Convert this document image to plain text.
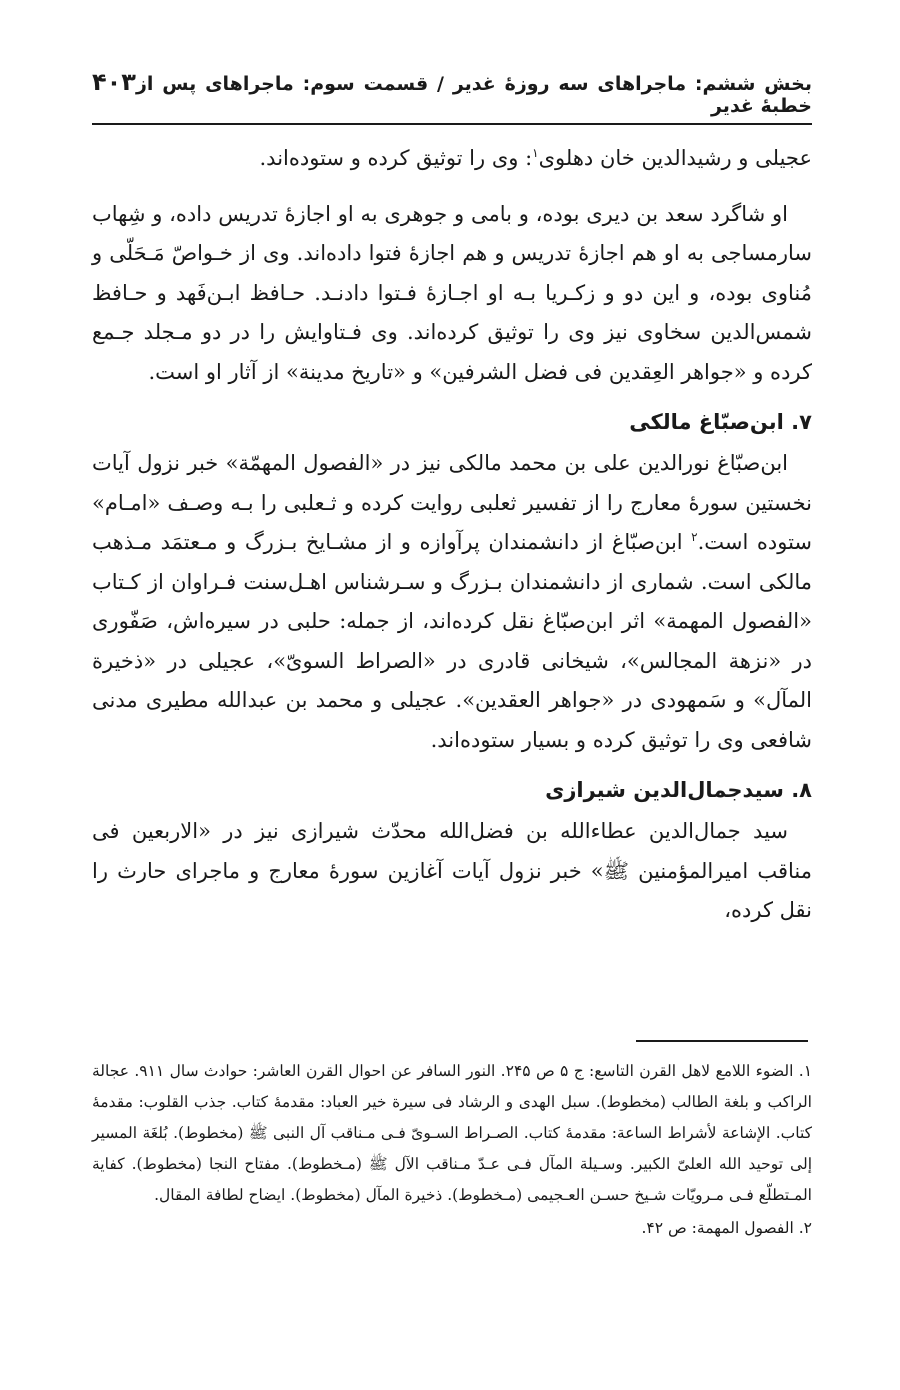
بخش ششم: ماجراهای سه روزهٔ غدیر / قسمت سوم: ماجراهای پس از خطبهٔ غدیر
۴۰۳

عجیلی و رشیدالدین خان دهلوی$^۱$: وی را توثیق کرده و ستوده‌اند.

او شاگرد سعد بن دیری بوده، و بامی و جوهری به او اجازهٔ تدریس داده، و شِهاب سارمساجی به او هم اجازهٔ تدریس و هم اجازهٔ فتوا داده‌اند. وی از خـواصّ مَـحَلّی و مُناوی بوده، و این دو و زکـریا بـه او اجـازهٔ فـتوا دادنـد. حـافظ ابـن‌فَهد و حـافظ شمس‌الدین سخاوی نیز وی را توثیق کرده‌اند. وی فـتاوایش را در دو مـجلد جـمع کرده و «جواهر العِقدین فی فضل الشرفین» و «تاریخ مدینة» از آثار او است.

۷. ابن‌صبّاغ مالکی

ابن‌صبّاغ نورالدین علی بن محمد مالکی نیز در «الفصول المهمّة» خبر نزول آیات نخستین سورهٔ معارج را از تفسیر ثعلبی روایت کرده و ثـعلبی را بـه وصـف «امـام» ستوده است.$^۲$ ابن‌صبّاغ از دانشمندان پرآوازه و از مشـایخ بـزرگ و مـعتمَد مـذهب مالکی است. شماری از دانشمندان بـزرگ و سـرشناس اهـل‌سنت فـراوان از کـتاب «الفصول المهمة» اثر ابن‌صبّاغ نقل کرده‌اند، از جمله: حلبی در سیره‌اش، صَفّوری در «نزهة المجالس»، شیخانی قادری در «الصراط السویّ»، عجیلی در «ذخیرة المآل» و سَمهودی در «جواهر العقدین». عجیلی و محمد بن عبدالله مطیری مدنی شافعی وی را توثیق کرده و بسیار ستوده‌اند.

۸. سیدجمال‌الدین شیرازی

سید جمال‌الدین عطاءالله بن فضل‌الله محدّث شیرازی نیز در «الاربعین فی مناقب امیرالمؤمنین ﷺ» خبر نزول آیات آغازین سورهٔ معارج و ماجرای حارث را نقل کرده،

۱. الضوء اللامع لاهل القرن التاسع: ج ۵ ص ۲۴۵. النور السافر عن احوال القرن العاشر: حوادث سال ۹۱۱. عجالة الراكب و بلغة الطالب (مخطوط). سبل الهدی و الرشاد فی سیرة خیر العباد: مقدمهٔ کتاب. جذب القلوب: مقدمهٔ کتاب. الإشاعة لأشراط الساعة: مقدمهٔ کتاب. الصـراط السـویّ فـی مـناقب آل النبی ﷺ (مخطوط). بُلغَة المسیر إلی توحید الله العلیّ الکبیر. وسـیلة المآل فـی عـدّ مـناقب الآل ﷺ (مـخطوط). مفتاح النجا (مخطوط). کفایة المـتطلّع فـی مـرویّات شـیخ حسـن العـجیمی (مـخطوط). ذخیرة المآل (مخطوط). ایضاح لطافة المقال.

۲. الفصول المهمة: ص ۴۲.
